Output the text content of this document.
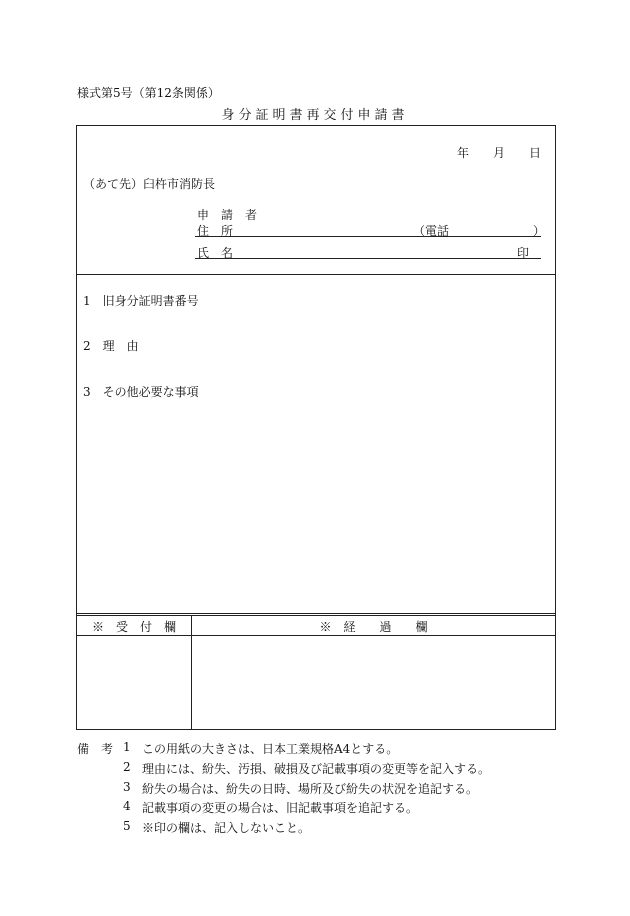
様式第5号（第12条関係）
身分証明書再交付申請書
年 月 日
（あて先）臼杵市消防長
申　請　者
住　所	（電話	）
氏　名	印
1　 旧身分証明書番号
2　 理　由
3　 その他必要な事項
※　受　付　欄	※　経　　過　　欄
備　考 1 この用紙の大きさは、日本工業規格A4とする。
2 理由には、紛失、汚損、破損及び記載事項の変更等を記入する。
3 紛失の場合は、紛失の日時、場所及び紛失の状況を追記する。
4 記載事項の変更の場合は、旧記載事項を追記する。
5 ※印の欄は、記入しないこと。
